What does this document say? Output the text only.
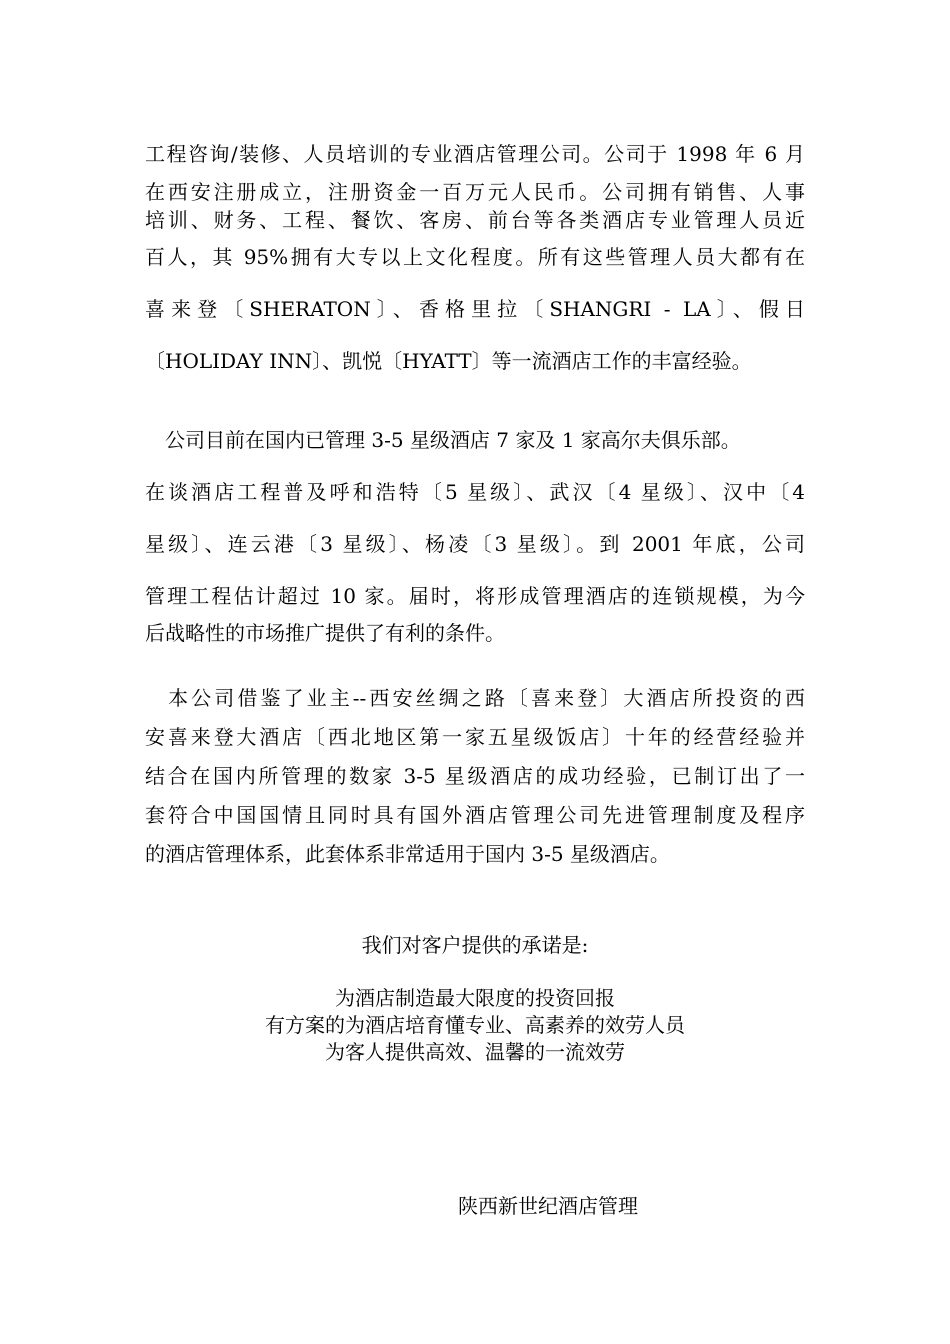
工程咨询/装修、人员培训的专业酒店管理公司。公司于 1998 年 6 月
在西安注册成立，注册资金一百万元人民币。公司拥有销售、人事
培训、财务、工程、餐饮、客房、前台等各类酒店专业管理人员近
百人，其 95%拥有大专以上文化程度。所有这些管理人员大都有在
喜来登〔SHERATON〕、香格里拉〔SHANGRI - LA〕、假日
〔HOLIDAY INN〕、凯悦〔HYATT〕等一流酒店工作的丰富经验。
　公司目前在国内已管理 3-5 星级酒店 7 家及 1 家高尔夫俱乐部。
在谈酒店工程普及呼和浩特〔5 星级〕、武汉〔4 星级〕、汉中〔4
星级〕、连云港〔3 星级〕、杨凌〔3 星级〕。到 2001 年底，公司
管理工程估计超过 10 家。届时，将形成管理酒店的连锁规模，为今
后战略性的市场推广提供了有利的条件。
　本公司借鉴了业主--西安丝绸之路〔喜来登〕大酒店所投资的西
安喜来登大酒店〔西北地区第一家五星级饭店〕十年的经营经验并
结合在国内所管理的数家 3-5 星级酒店的成功经验，已制订出了一
套符合中国国情且同时具有国外酒店管理公司先进管理制度及程序
的酒店管理体系，此套体系非常适用于国内 3-5 星级酒店。
我们对客户提供的承诺是:
为酒店制造最大限度的投资回报
有方案的为酒店培育懂专业、高素养的效劳人员
为客人提供高效、温馨的一流效劳
陕西新世纪酒店管理
